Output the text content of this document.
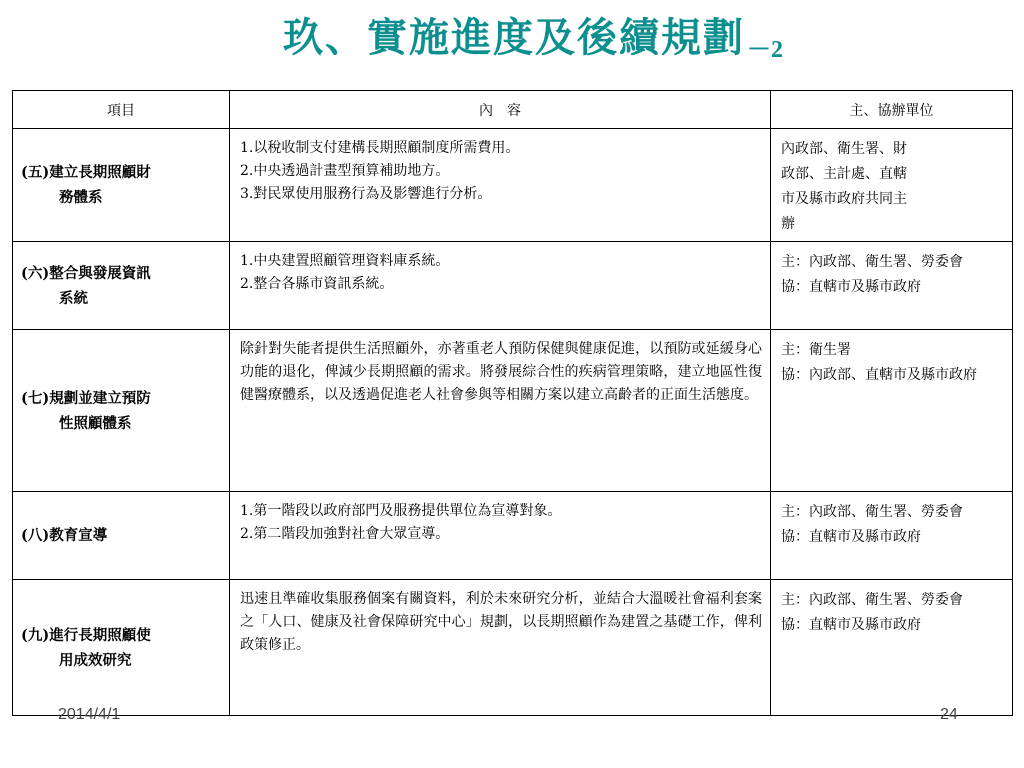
玖、實施進度及後續規劃－2
項目	內　容	主、協辦單位

(五)建立長期照顧財
務體系	1.以稅收制支付建構長期照顧制度所需費用。
2.中央透過計畫型預算補助地方。
3.對民眾使用服務行為及影響進行分析。	內政部、衛生署、財
政部、主計處、直轄
市及縣市政府共同主
辦

(六)整合與發展資訊
系統	1.中央建置照顧管理資料庫系統。
2.整合各縣市資訊系統。	主：內政部、衛生署、勞委會
協：直轄市及縣市政府

(七)規劃並建立預防
性照顧體系	除針對失能者提供生活照顧外，亦著重老人預防保健與健康促進，以預防或延緩身心功能的退化，俾減少長期照顧的需求。將發展綜合性的疾病管理策略，建立地區性復健醫療體系，以及透過促進老人社會參與等相關方案以建立高齡者的正面生活態度。	主：衛生署
協：內政部、直轄市及縣市政府

(八)教育宣導	1.第一階段以政府部門及服務提供單位為宣導對象。
2.第二階段加強對社會大眾宣導。	主：內政部、衛生署、勞委會
協：直轄市及縣市政府

(九)進行長期照顧使
用成效研究	迅速且準確收集服務個案有關資料，利於未來研究分析，並結合大溫暖社會福利套案之「人口、健康及社會保障研究中心」規劃，以長期照顧作為建置之基礎工作，俾利政策修正。	主：內政部、衛生署、勞委會
協：直轄市及縣市政府
2014/4/1	24
